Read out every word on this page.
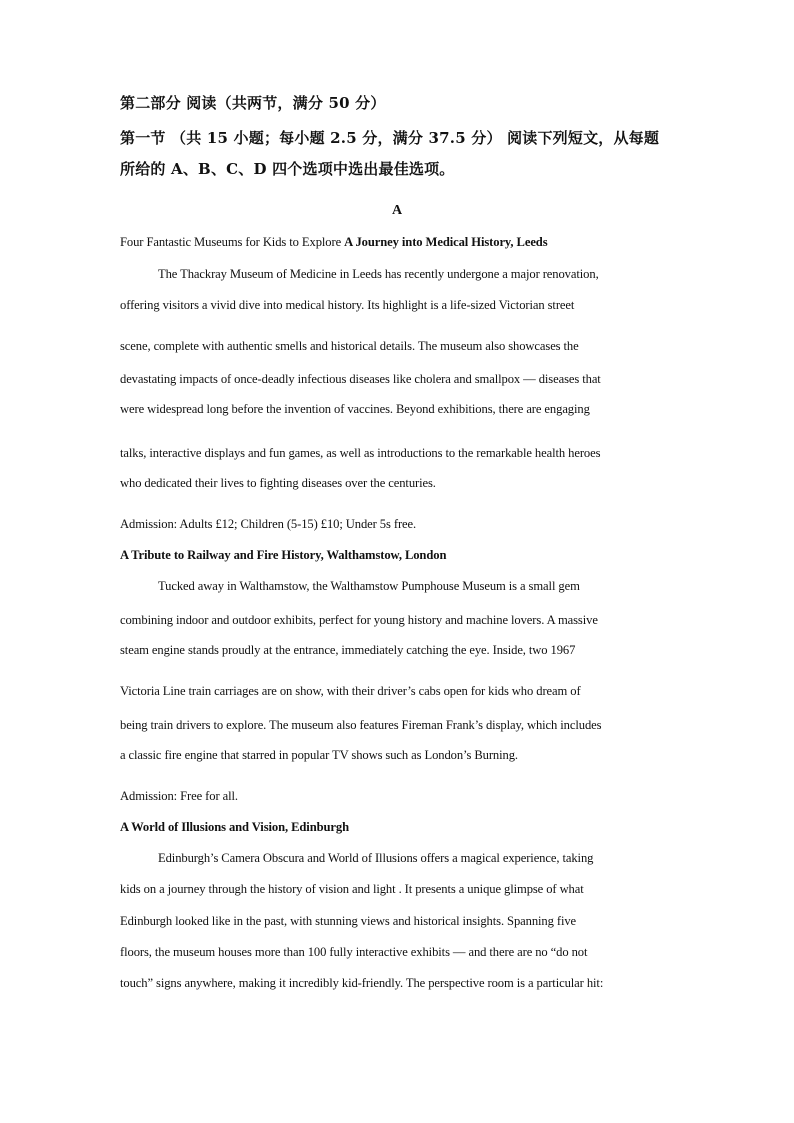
第二部分 阅读（共两节，满分 50 分）
第一节 （共 15 小题；每小题 2.5 分，满分 37.5 分） 阅读下列短文，从每题
所给的 A、B、C、D 四个选项中选出最佳选项。
A
Four Fantastic Museums for Kids to Explore A Journey into Medical History, Leeds
The Thackray Museum of Medicine in Leeds has recently undergone a major renovation,
offering visitors a vivid dive into medical history. Its highlight is a life-sized Victorian street
scene, complete with authentic smells and historical details. The museum also showcases the
devastating impacts of once-deadly infectious diseases like cholera and smallpox — diseases that
were widespread long before the invention of vaccines. Beyond exhibitions, there are engaging
talks, interactive displays and fun games, as well as introductions to the remarkable health heroes
who dedicated their lives to fighting diseases over the centuries.
Admission: Adults £12; Children (5-15) £10; Under 5s free.
A Tribute to Railway and Fire History, Walthamstow, London
Tucked away in Walthamstow, the Walthamstow Pumphouse Museum is a small gem
combining indoor and outdoor exhibits, perfect for young history and machine lovers. A massive
steam engine stands proudly at the entrance, immediately catching the eye. Inside, two 1967
Victoria Line train carriages are on show, with their driver’s cabs open for kids who dream of
being train drivers to explore. The museum also features Fireman Frank’s display, which includes
a classic fire engine that starred in popular TV shows such as London’s Burning.
Admission: Free for all.
A World of Illusions and Vision, Edinburgh
Edinburgh’s Camera Obscura and World of Illusions offers a magical experience, taking
kids on a journey through the history of vision and light . It presents a unique glimpse of what
Edinburgh looked like in the past, with stunning views and historical insights. Spanning five
floors, the museum houses more than 100 fully interactive exhibits — and there are no “do not
touch” signs anywhere, making it incredibly kid-friendly. The perspective room is a particular hit:
